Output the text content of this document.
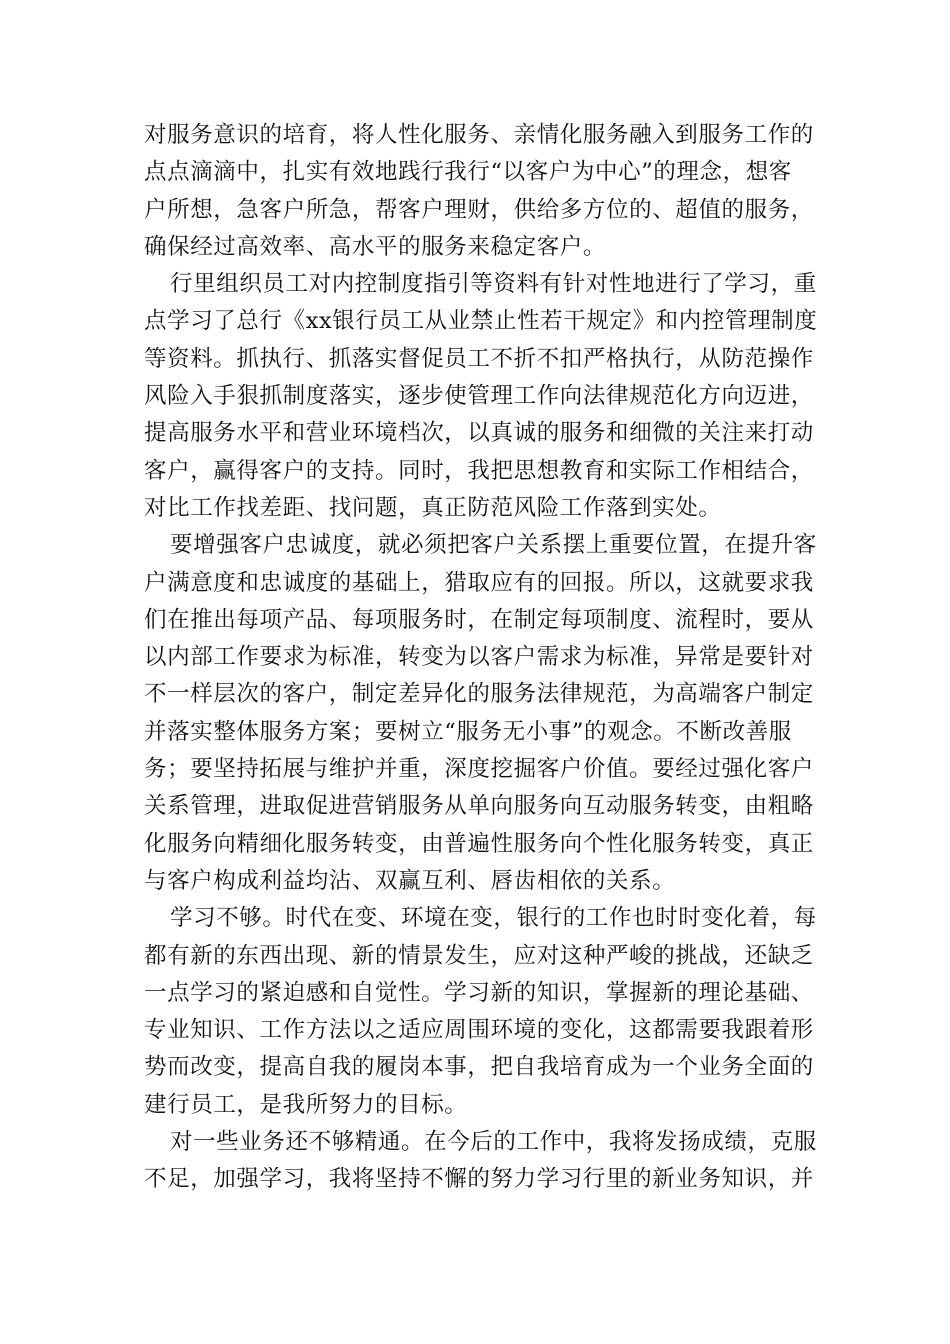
对服务意识的培育，将人性化服务、亲情化服务融入到服务工作的
点点滴滴中，扎实有效地践行我行“以客户为中心”的理念，想客
户所想，急客户所急，帮客户理财，供给多方位的、超值的服务，
确保经过高效率、高水平的服务来稳定客户。
行里组织员工对内控制度指引等资料有针对性地进行了学习，重
点学习了总行《xx银行员工从业禁止性若干规定》和内控管理制度
等资料。抓执行、抓落实督促员工不折不扣严格执行，从防范操作
风险入手狠抓制度落实，逐步使管理工作向法律规范化方向迈进，
提高服务水平和营业环境档次，以真诚的服务和细微的关注来打动
客户，赢得客户的支持。同时，我把思想教育和实际工作相结合，
对比工作找差距、找问题，真正防范风险工作落到实处。
要增强客户忠诚度，就必须把客户关系摆上重要位置，在提升客
户满意度和忠诚度的基础上，猎取应有的回报。所以，这就要求我
们在推出每项产品、每项服务时，在制定每项制度、流程时，要从
以内部工作要求为标准，转变为以客户需求为标准，异常是要针对
不一样层次的客户，制定差异化的服务法律规范，为高端客户制定
并落实整体服务方案；要树立“服务无小事”的观念。不断改善服
务；要坚持拓展与维护并重，深度挖掘客户价值。要经过强化客户
关系管理，进取促进营销服务从单向服务向互动服务转变，由粗略
化服务向精细化服务转变，由普遍性服务向个性化服务转变，真正
与客户构成利益均沾、双赢互利、唇齿相依的关系。
学习不够。时代在变、环境在变，银行的工作也时时变化着，每
都有新的东西出现、新的情景发生，应对这种严峻的挑战，还缺乏
一点学习的紧迫感和自觉性。学习新的知识，掌握新的理论基础、
专业知识、工作方法以之适应周围环境的变化，这都需要我跟着形
势而改变，提高自我的履岗本事，把自我培育成为一个业务全面的
建行员工，是我所努力的目标。
对一些业务还不够精通。在今后的工作中，我将发扬成绩，克服
不足，加强学习，我将坚持不懈的努力学习行里的新业务知识，并
